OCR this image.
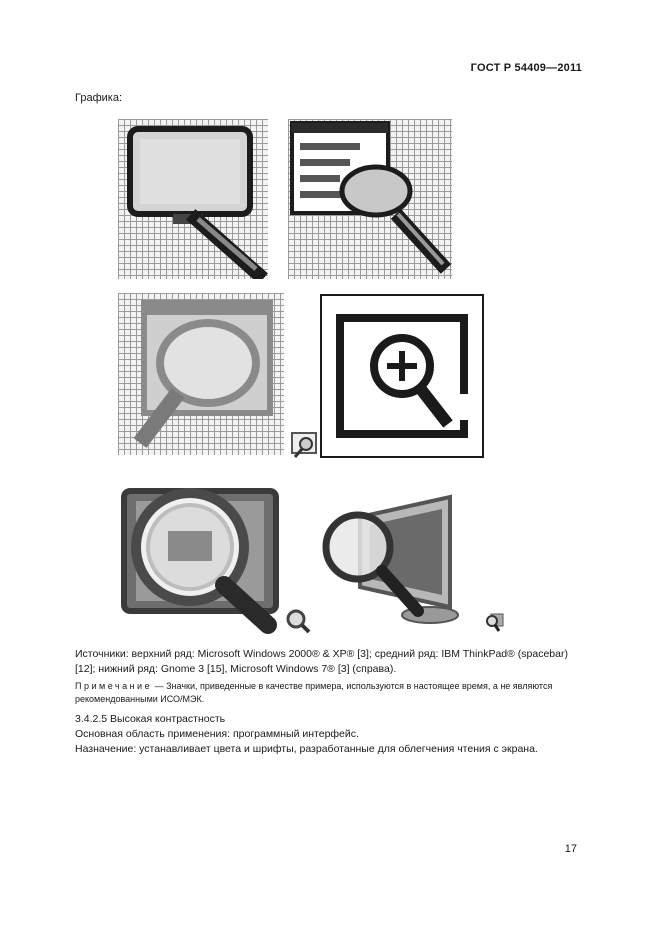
ГОСТ Р 54409—2011
Графика:
Источники: верхний ряд: Microsoft Windows 2000® & XP® [3]; средний ряд: IBM ThinkPad® (spacebar) [12]; нижний ряд: Gnome 3 [15], Microsoft Windows 7® [3] (справа).
Примечание — Значки, приведенные в качестве примера, используются в настоящее время, а не являются рекомендованными ИСО/МЭК.
3.4.2.5 Высокая контрастность
Основная область применения: программный интерфейс.
Назначение: устанавливает цвета и шрифты, разработанные для облегчения чтения с экрана.
17
